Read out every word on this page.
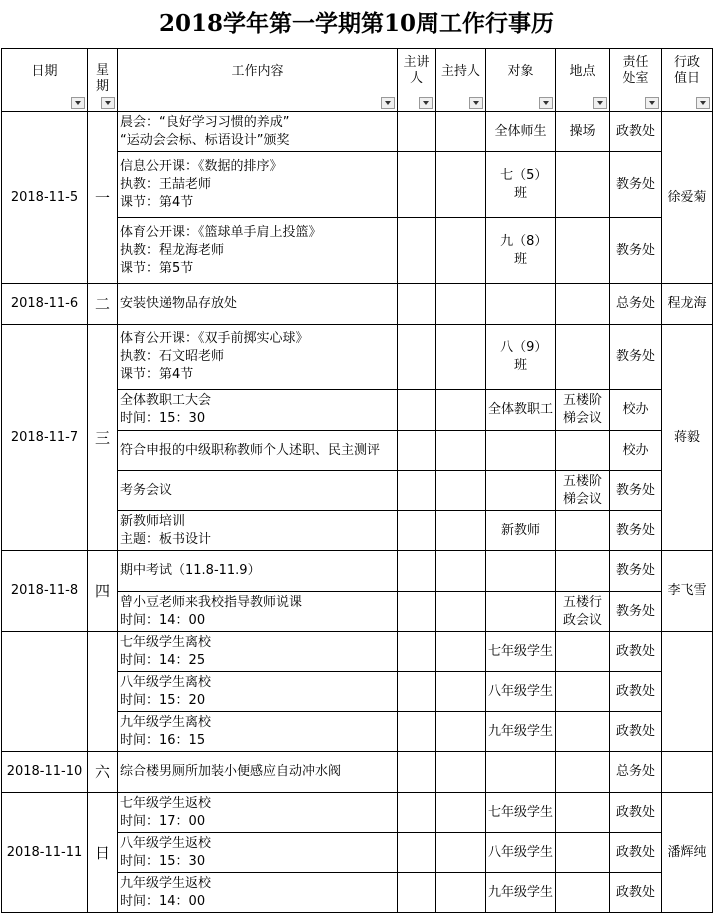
2018学年第一学期第10周工作行事历
日期	星期	工作内容	主讲人	主持人	对象	地点	责任处室	行政值日

2018-11-5	一	晨会：“良好学习习惯的养成”
“运动会会标、标语设计”颁奖			全体师生	操场	政教处	徐爱菊

		信息公开课：《数据的排序》
执教：王喆老师
课节：第4节			七（5）班		教务处	

		体育公开课：《篮球单手肩上投篮》
执教：程龙海老师
课节：第5节			九（8）班		教务处	
2018-11-6	二	安装快递物品存放处					总务处	程龙海
2018-11-7	三	体育公开课：《双手前掷实心球》
执教：石文昭老师
课节：第4节			八（9）班		教务处	蒋毅

		全体教职工大会
时间：15：30			全体教职工	五楼阶梯会议	校办	

		符合申报的中级职称教师个人述职、民主测评					校办	

		考务会议				五楼阶梯会议	教务处	

		新教师培训
主题：板书设计			新教师		教务处	
2018-11-8	四	期中考试（11.8-11.9）					教务处	李飞雪

		曾小豆老师来我校指导教师说课
时间：14：00				五楼行政会议	教务处	

		七年级学生离校
时间：14：25			七年级学生		政教处	

		八年级学生离校
时间：15：20			八年级学生		政教处	

		九年级学生离校
时间：16：15			九年级学生		政教处	
2018-11-10	六	综合楼男厕所加装小便感应自动冲水阀					总务处	
2018-11-11	日	七年级学生返校
时间：17：00			七年级学生		政教处	潘辉纯

		八年级学生返校
时间：15：30			八年级学生		政教处	

		九年级学生返校
时间：14：00			九年级学生		政教处	
